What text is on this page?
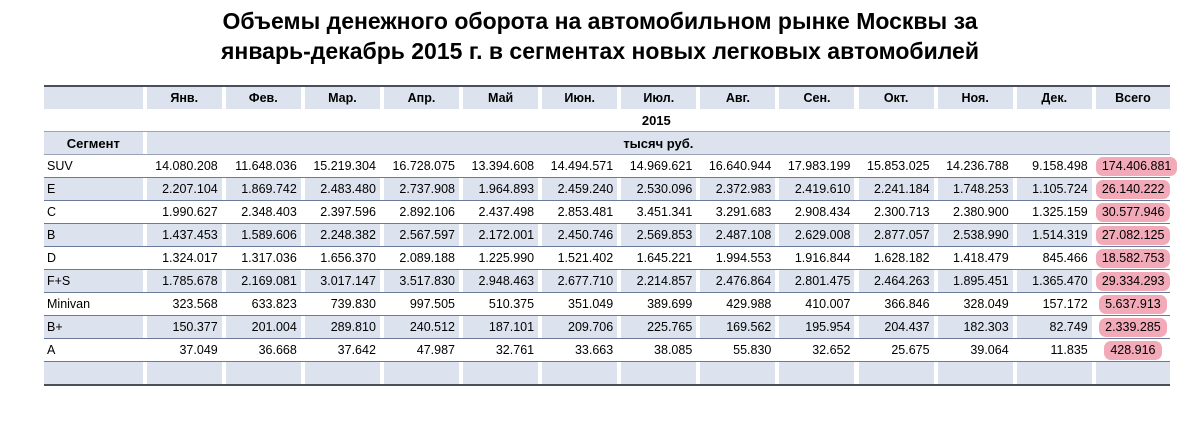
Объемы денежного оборота на автомобильном рынке Москвы за
январь-декабрь 2015 г. в сегментах новых легковых автомобилей
		Янв.		Фев.		Мар.		Апр.		Май		Июн.		Июл.		Авг.		Сен.		Окт.		Ноя.		Дек.		Всего
	2015																									
Сегмент		тысяч руб.																								
SUV		14.080.208		11.648.036		15.219.304		16.728.075		13.394.608		14.494.571		14.969.621		16.640.944		17.983.199		15.853.025		14.236.788		9.158.498		174.406.881
E		2.207.104		1.869.742		2.483.480		2.737.908		1.964.893		2.459.240		2.530.096		2.372.983		2.419.610		2.241.184		1.748.253		1.105.724		26.140.222
C		1.990.627		2.348.403		2.397.596		2.892.106		2.437.498		2.853.481		3.451.341		3.291.683		2.908.434		2.300.713		2.380.900		1.325.159		30.577.946
B		1.437.453		1.589.606		2.248.382		2.567.597		2.172.001		2.450.746		2.569.853		2.487.108		2.629.008		2.877.057		2.538.990		1.514.319		27.082.125
D		1.324.017		1.317.036		1.656.370		2.089.188		1.225.990		1.521.402		1.645.221		1.994.553		1.916.844		1.628.182		1.418.479		845.466		18.582.753
F+S		1.785.678		2.169.081		3.017.147		3.517.830		2.948.463		2.677.710		2.214.857		2.476.864		2.801.475		2.464.263		1.895.451		1.365.470		29.334.293
Minivan		323.568		633.823		739.830		997.505		510.375		351.049		389.699		429.988		410.007		366.846		328.049		157.172		5.637.913
B+		150.377		201.004		289.810		240.512		187.101		209.706		225.765		169.562		195.954		204.437		182.303		82.749		2.339.285
A		37.049		36.668		37.642		47.987		32.761		33.663		38.085		55.830		32.652		25.675		39.064		11.835		428.916
